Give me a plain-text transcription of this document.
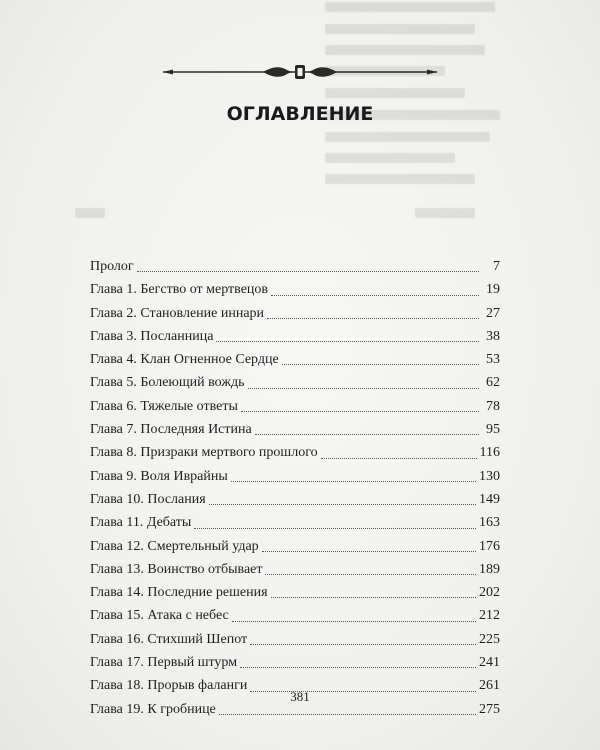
ОГЛАВЛЕНИЕ
Пролог	7
Глава 1. Бегство от мертвецов	19
Глава 2. Становление иннари	27
Глава 3. Посланница	38
Глава 4. Клан Огненное Сердце	53
Глава 5. Болеющий вождь	62
Глава 6. Тяжелые ответы	78
Глава 7. Последняя Истина	95
Глава 8. Призраки мертвого прошлого	116
Глава 9. Воля Иврайны	130
Глава 10. Послания	149
Глава 11. Дебаты	163
Глава 12. Смертельный удар	176
Глава 13. Воинство отбывает	189
Глава 14. Последние решения	202
Глава 15. Атака с небес	212
Глава 16. Стихший Шепот	225
Глава 17. Первый штурм	241
Глава 18. Прорыв фаланги	261
Глава 19. К гробнице	275
381
